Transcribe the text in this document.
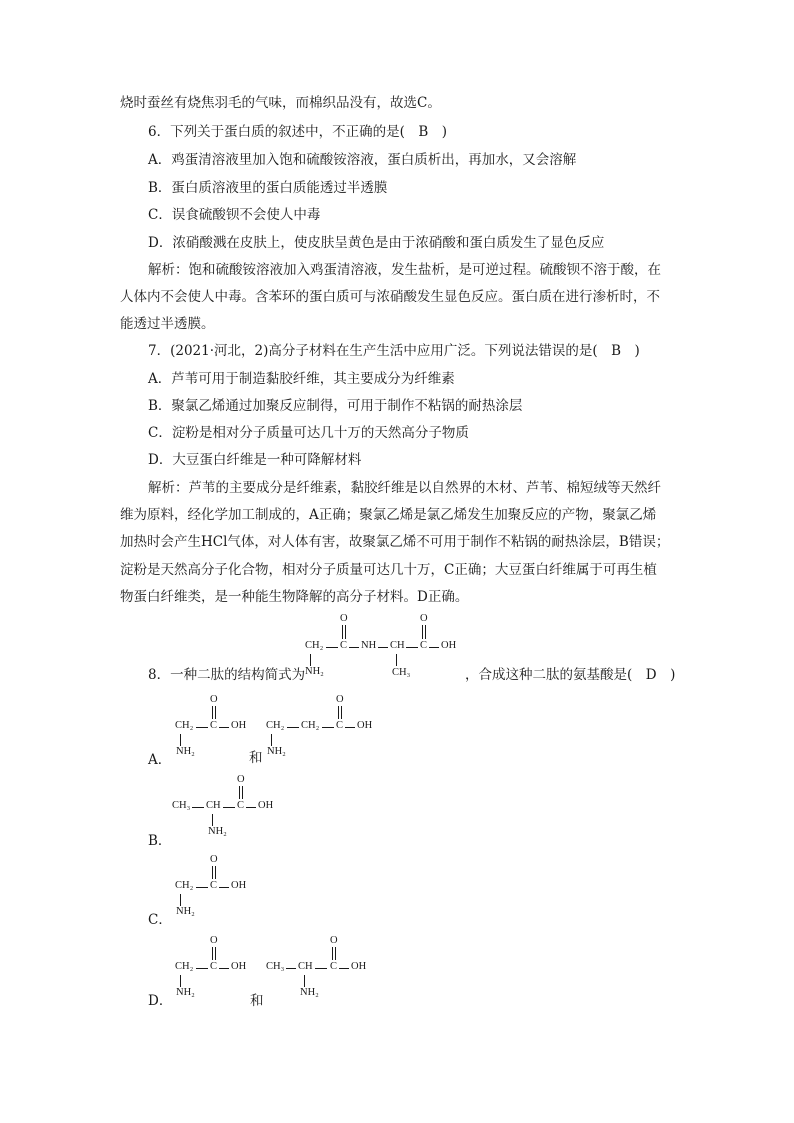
烧时蚕丝有烧焦羽毛的气味，而棉织品没有，故选C。
6．下列关于蛋白质的叙述中，不正确的是(　B　)
A．鸡蛋清溶液里加入饱和硫酸铵溶液，蛋白质析出，再加水，又会溶解
B．蛋白质溶液里的蛋白质能透过半透膜
C．误食硫酸钡不会使人中毒
D．浓硝酸溅在皮肤上，使皮肤呈黄色是由于浓硝酸和蛋白质发生了显色反应
解析：饱和硫酸铵溶液加入鸡蛋清溶液，发生盐析，是可逆过程。硫酸钡不溶于酸，在
人体内不会使人中毒。含苯环的蛋白质可与浓硝酸发生显色反应。蛋白质在进行渗析时，不
能透过半透膜。
7．(2021·河北，2)高分子材料在生产生活中应用广泛。下列说法错误的是(　B　)
A．芦苇可用于制造黏胶纤维，其主要成分为纤维素
B．聚氯乙烯通过加聚反应制得，可用于制作不粘锅的耐热涂层
C．淀粉是相对分子质量可达几十万的天然高分子物质
D．大豆蛋白纤维是一种可降解材料
解析：芦苇的主要成分是纤维素，黏胶纤维是以自然界的木材、芦苇、棉短绒等天然纤
维为原料，经化学加工制成的，A正确；聚氯乙烯是氯乙烯发生加聚反应的产物，聚氯乙烯
加热时会产生HCl气体，对人体有害，故聚氯乙烯不可用于制作不粘锅的耐热涂层，B错误；
淀粉是天然高分子化合物，相对分子质量可达几十万，C正确；大豆蛋白纤维属于可再生植
物蛋白纤维类，是一种能生物降解的高分子材料。D正确。
8．一种二肽的结构简式为	，合成这种二肽的氨基酸是(　D　)
CH₂ C
O
NH CH C
O
OH
NH₂	CH₃
A．
CH₂ C
O
OH
NH₂	和
CH₂ CH₂ C
O
OH
NH₂
B．
CH₃ CH C
O
OH
NH₂
C．
CH₂ C
O
OH
NH₂
D．
CH₂ C
O
OH
NH₂
和
CH₃ CH C
O
OH
NH₂
